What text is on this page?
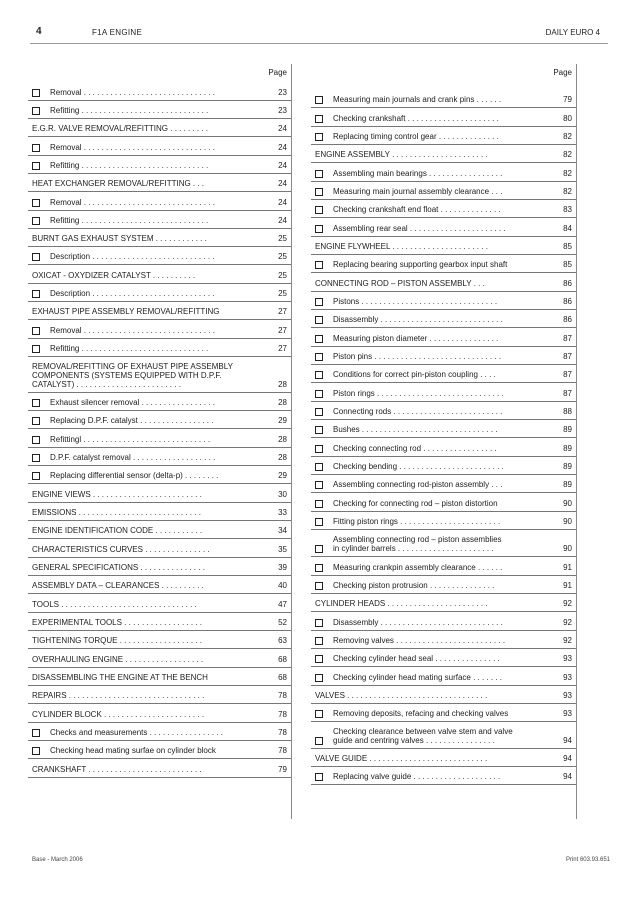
4	F1A ENGINE	DAILY EURO 4
Page
Removal . . . . . . . . . . . . . . . . . . . . . . . . . . . . . .	23
Refitting . . . . . . . . . . . . . . . . . . . . . . . . . . . . .	23
E.G.R. VALVE REMOVAL/REFITTING . . . . . . . . .	24
Removal . . . . . . . . . . . . . . . . . . . . . . . . . . . . . .	24
Refitting . . . . . . . . . . . . . . . . . . . . . . . . . . . . .	24
HEAT EXCHANGER REMOVAL/REFITTING . . .	24
Removal . . . . . . . . . . . . . . . . . . . . . . . . . . . . . .	24
Refitting . . . . . . . . . . . . . . . . . . . . . . . . . . . . .	24
BURNT GAS EXHAUST SYSTEM . . . . . . . . . . . .	25
Description . . . . . . . . . . . . . . . . . . . . . . . . . . . .	25
OXICAT - OXYDIZER CATALYST . . . . . . . . . .	25
Description . . . . . . . . . . . . . . . . . . . . . . . . . . . .	25
EXHAUST PIPE ASSEMBLY REMOVAL/REFITTING	27
Removal . . . . . . . . . . . . . . . . . . . . . . . . . . . . . .	27
Refitting . . . . . . . . . . . . . . . . . . . . . . . . . . . . .	27
REMOVAL/REFITTING OF EXHAUST PIPE ASSEMBLY
COMPONENTS (SYSTEMS EQUIPPED WITH D.P.F.
CATALYST) . . . . . . . . . . . . . . . . . . . . . . . .	28
Exhaust silencer removal . . . . . . . . . . . . . . . . .	28
Replacing D.P.F. catalyst . . . . . . . . . . . . . . . . .	29
Refittingl . . . . . . . . . . . . . . . . . . . . . . . . . . . . .	28
D.P.F. catalyst removal . . . . . . . . . . . . . . . . . . .	28
Replacing differential sensor (delta-p) . . . . . . . .	29
ENGINE VIEWS . . . . . . . . . . . . . . . . . . . . . . . . .	30
EMISSIONS . . . . . . . . . . . . . . . . . . . . . . . . . . . .	33
ENGINE IDENTIFICATION CODE . . . . . . . . . . .	34
CHARACTERISTICS CURVES . . . . . . . . . . . . . . .	35
GENERAL SPECIFICATIONS . . . . . . . . . . . . . . .	39
ASSEMBLY DATA – CLEARANCES . . . . . . . . . .	40
TOOLS . . . . . . . . . . . . . . . . . . . . . . . . . . . . . . .	47
EXPERIMENTAL TOOLS . . . . . . . . . . . . . . . . . .	52
TIGHTENING TORQUE . . . . . . . . . . . . . . . . . . .	63
OVERHAULING ENGINE . . . . . . . . . . . . . . . . . .	68
DISASSEMBLING THE ENGINE AT THE BENCH	68
REPAIRS . . . . . . . . . . . . . . . . . . . . . . . . . . . . . . .	78
CYLINDER BLOCK . . . . . . . . . . . . . . . . . . . . . . .	78
Checks and measurements . . . . . . . . . . . . . . . . .	78
Checking head mating surfae on cylinder block	78
CRANKSHAFT . . . . . . . . . . . . . . . . . . . . . . . . . .	79
Page
Measuring main journals and crank pins . . . . . .	79
Checking crankshaft . . . . . . . . . . . . . . . . . . . . .	80
Replacing timing control gear . . . . . . . . . . . . . .	82
ENGINE ASSEMBLY . . . . . . . . . . . . . . . . . . . . . .	82
Assembling main bearings . . . . . . . . . . . . . . . . .	82
Measuring main journal assembly clearance . . .	82
Checking crankshaft end float . . . . . . . . . . . . . .	83
Assembling rear seal . . . . . . . . . . . . . . . . . . . . . .	84
ENGINE FLYWHEEL . . . . . . . . . . . . . . . . . . . . . .	85
Replacing bearing supporting gearbox input shaft	85
CONNECTING ROD – PISTON ASSEMBLY . . .	86
Pistons . . . . . . . . . . . . . . . . . . . . . . . . . . . . . . .	86
Disassembly . . . . . . . . . . . . . . . . . . . . . . . . . . . .	86
Measuring piston diameter . . . . . . . . . . . . . . . .	87
Piston pins . . . . . . . . . . . . . . . . . . . . . . . . . . . . .	87
Conditions for correct pin-piston coupling . . . .	87
Piston rings . . . . . . . . . . . . . . . . . . . . . . . . . . . . .	87
Connecting rods . . . . . . . . . . . . . . . . . . . . . . . . .	88
Bushes . . . . . . . . . . . . . . . . . . . . . . . . . . . . . . .	89
Checking connecting rod . . . . . . . . . . . . . . . . .	89
Checking bending . . . . . . . . . . . . . . . . . . . . . . . .	89
Assembling connecting rod-piston assembly . . .	89
Checking for connecting rod – piston distortion	90
Fitting piston rings . . . . . . . . . . . . . . . . . . . . . . .	90
Assembling connecting rod – piston assemblies
in cylinder barrels . . . . . . . . . . . . . . . . . . . . . .	90
Measuring crankpin assembly clearance . . . . . .	91
Checking piston protrusion . . . . . . . . . . . . . . .	91
CYLINDER HEADS . . . . . . . . . . . . . . . . . . . . . . .	92
Disassembly . . . . . . . . . . . . . . . . . . . . . . . . . . . .	92
Removing valves . . . . . . . . . . . . . . . . . . . . . . . . .	92
Checking cylinder head seal . . . . . . . . . . . . . . .	93
Checking cylinder head mating surface . . . . . . .	93
VALVES . . . . . . . . . . . . . . . . . . . . . . . . . . . . . . . .	93
Removing deposits, refacing and checking valves	93
Checking clearance between valve stem and valve
guide and centring valves . . . . . . . . . . . . . . . .	94
VALVE GUIDE . . . . . . . . . . . . . . . . . . . . . . . . . . .	94
Replacing valve guide . . . . . . . . . . . . . . . . . . . .	94
Base - March 2006	Print 603.93.651
